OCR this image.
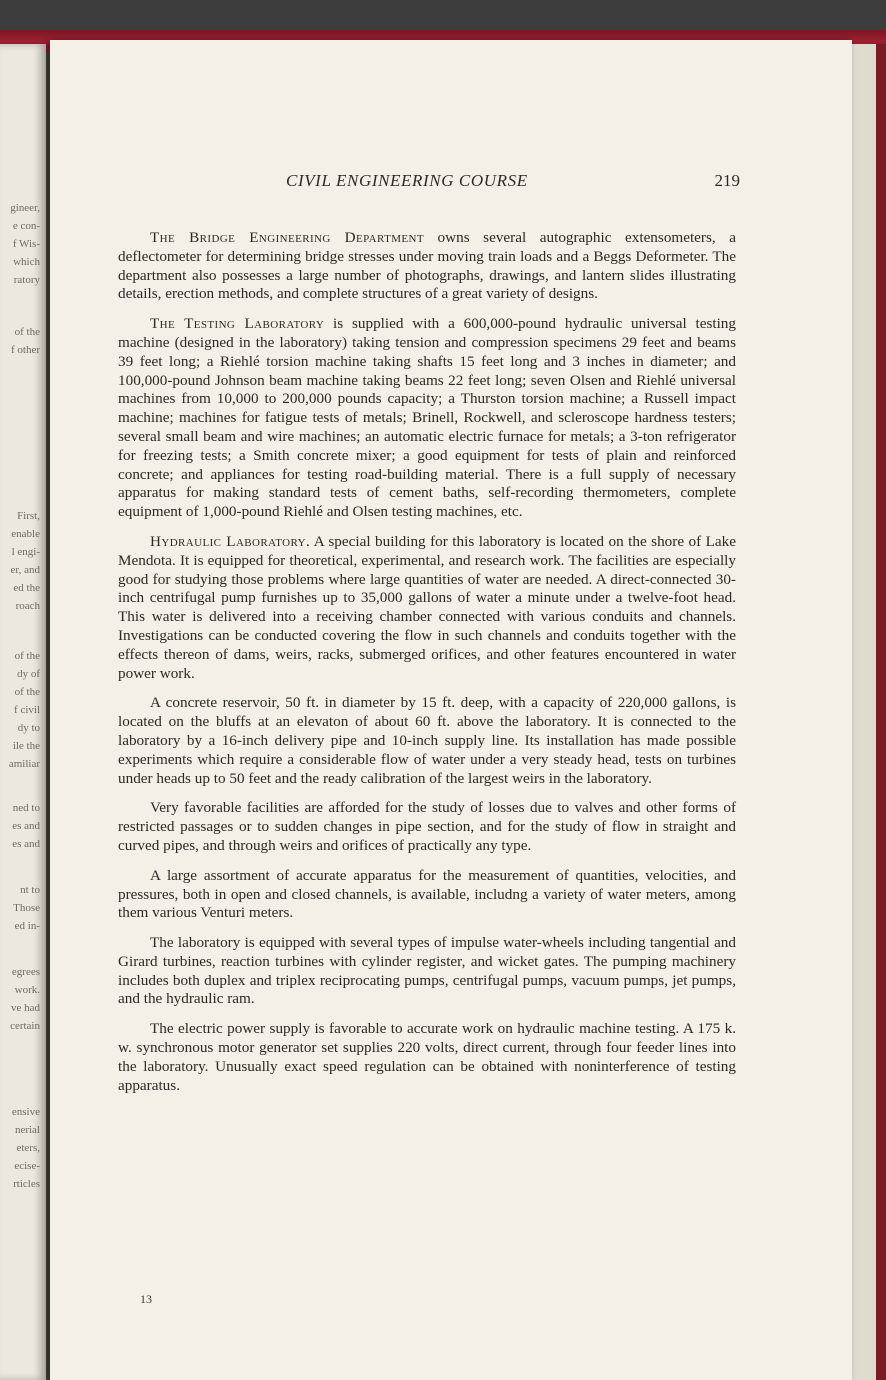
gineer,
e con-
f Wis-
which
ratory
of the
f other
First,
enable
l engi-
er, and
ed the
roach
of the
dy of
of the
f civil
dy to
ile the
amiliar
ned to
es and
es and
nt to
Those
ed in-
egrees
work.
ve had
certain
ensive
nerial
eters,
ecise-
rticles
CIVIL ENGINEERING COURSE	219

The Bridge Engineering Department owns several autographic extensometers, a deflectometer for determining bridge stresses under moving train loads and a Beggs Deformeter. The department also possesses a large number of photographs, drawings, and lantern slides illustrating details, erection methods, and complete structures of a great variety of designs.

The Testing Laboratory is supplied with a 600,000-pound hydraulic universal testing machine (designed in the laboratory) taking tension and compression specimens 29 feet and beams 39 feet long; a Riehlé torsion machine taking shafts 15 feet long and 3 inches in diameter; and 100,000-pound Johnson beam machine taking beams 22 feet long; seven Olsen and Riehlé universal machines from 10,000 to 200,000 pounds capacity; a Thurston torsion machine; a Russell impact machine; machines for fatigue tests of metals; Brinell, Rockwell, and scleroscope hardness testers; several small beam and wire machines; an automatic electric furnace for metals; a 3-ton refrigerator for freezing tests; a Smith concrete mixer; a good equipment for tests of plain and reinforced concrete; and appliances for testing road-building material. There is a full supply of necessary apparatus for making standard tests of cement baths, self-recording thermometers, complete equipment of 1,000-pound Riehlé and Olsen testing machines, etc.

Hydraulic Laboratory. A special building for this laboratory is located on the shore of Lake Mendota. It is equipped for theoretical, experimental, and research work. The facilities are especially good for studying those problems where large quantities of water are needed. A direct-connected 30-inch centrifugal pump furnishes up to 35,000 gallons of water a minute under a twelve-foot head. This water is delivered into a receiving chamber connected with various conduits and channels. Investigations can be conducted covering the flow in such channels and conduits together with the effects thereon of dams, weirs, racks, submerged orifices, and other features encountered in water power work.

A concrete reservoir, 50 ft. in diameter by 15 ft. deep, with a capacity of 220,000 gallons, is located on the bluffs at an elevaton of about 60 ft. above the laboratory. It is connected to the laboratory by a 16-inch delivery pipe and 10-inch supply line. Its installation has made possible experiments which require a considerable flow of water under a very steady head, tests on turbines under heads up to 50 feet and the ready calibration of the largest weirs in the laboratory.

Very favorable facilities are afforded for the study of losses due to valves and other forms of restricted passages or to sudden changes in pipe section, and for the study of flow in straight and curved pipes, and through weirs and orifices of practically any type.

A large assortment of accurate apparatus for the measurement of quantities, velocities, and pressures, both in open and closed channels, is available, includng a variety of water meters, among them various Venturi meters.

The laboratory is equipped with several types of impulse water-wheels including tangential and Girard turbines, reaction turbines with cylinder register, and wicket gates. The pumping machinery includes both duplex and triplex reciprocating pumps, centrifugal pumps, vacuum pumps, jet pumps, and the hydraulic ram.

The electric power supply is favorable to accurate work on hydraulic machine testing. A 175 k. w. synchronous motor generator set supplies 220 volts, direct current, through four feeder lines into the laboratory. Unusually exact speed regulation can be obtained with noninterference of testing apparatus.

13
